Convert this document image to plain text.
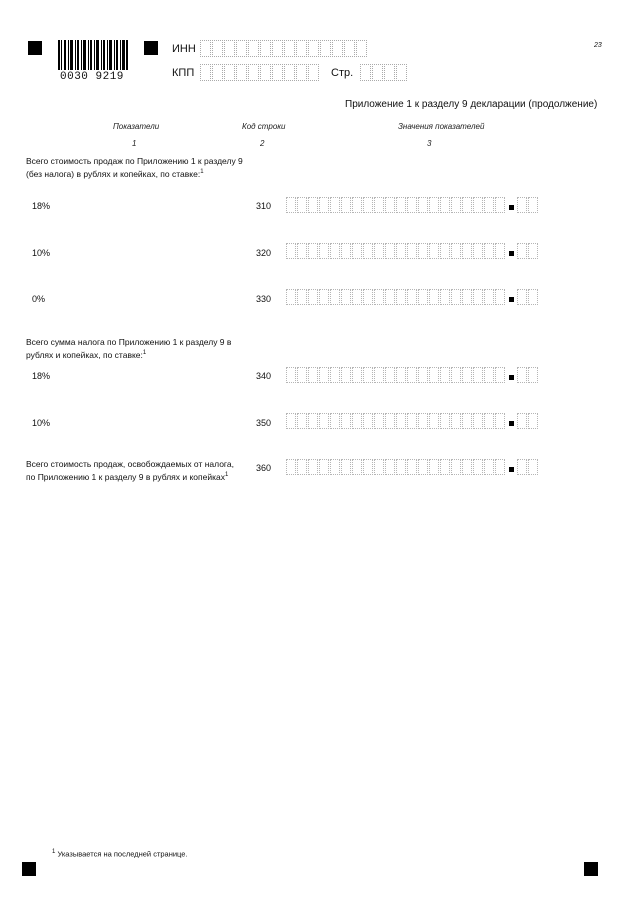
0030 9219
ИНН
КПП	Стр.
23
Приложение 1 к разделу 9 декларации (продолжение)
Показатели	Код строки	Значения показателей
1	2	3
Всего стоимость продаж по Приложению 1 к разделу 9 (без налога) в рублях и копейках, по ставке:$^1$
18%	310
10%	320
0%	330
Всего сумма налога по Приложению 1 к разделу 9 в рублях и копейках, по ставке:$^1$
18%	340
10%	350
Всего стоимость продаж, освобождаемых от налога, по Приложению 1 к разделу 9 в рублях и копейках$^1$
360
$^1$ Указывается на последней странице.
